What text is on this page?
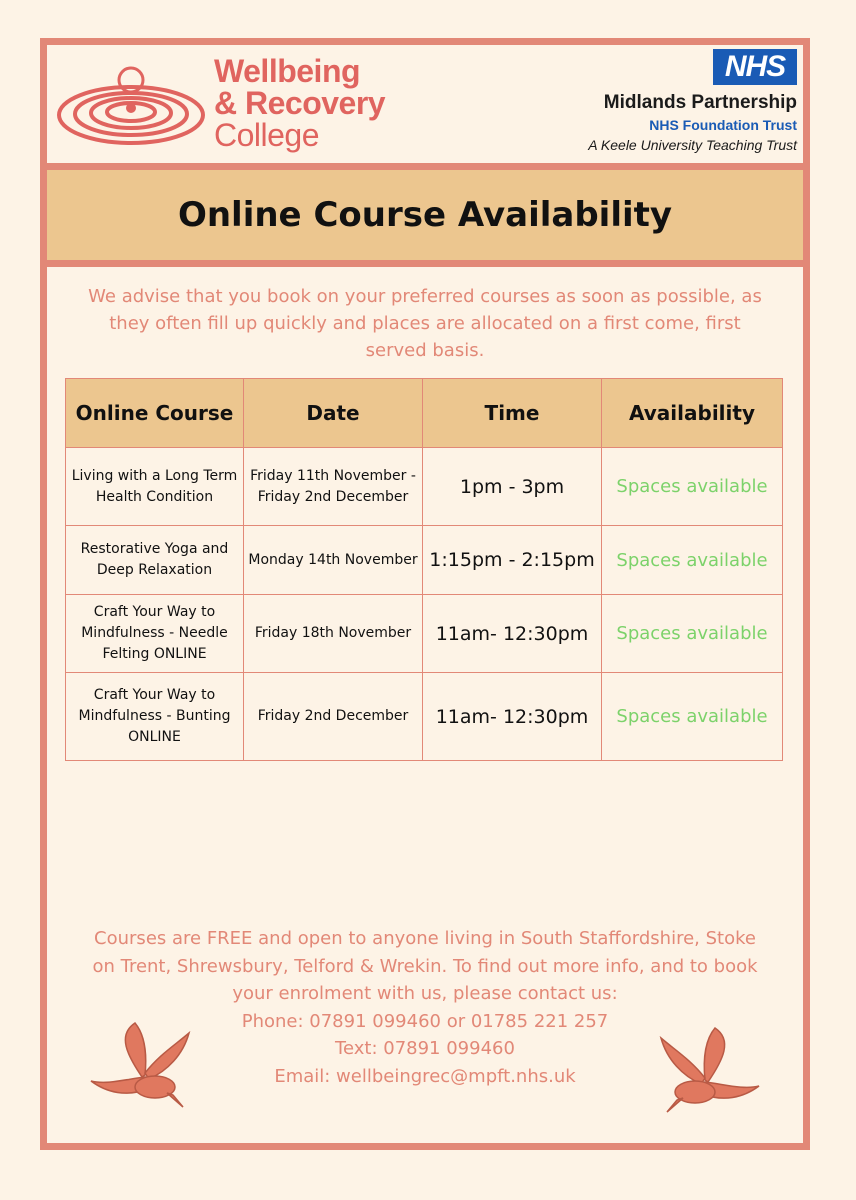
Wellbeing
& Recovery
College
NHS
Midlands Partnership
NHS Foundation Trust
A Keele University Teaching Trust
Online Course Availability
We advise that you book on your preferred courses as soon as possible, as they often fill up quickly and places are allocated on a first come, first served basis.
Online Course	Date	Time	Availability
Living with a Long Term Health Condition	Friday 11th November - Friday 2nd December	1pm - 3pm	Spaces available
Restorative Yoga and Deep Relaxation	Monday 14th November	1:15pm - 2:15pm	Spaces available
Craft Your Way to Mindfulness - Needle Felting ONLINE	Friday 18th November	11am- 12:30pm	Spaces available
Craft Your Way to Mindfulness - Bunting ONLINE	Friday 2nd December	11am- 12:30pm	Spaces available
Courses are FREE and open to anyone living in South Staffordshire, Stoke on Trent, Shrewsbury, Telford & Wrekin. To find out more info, and to book your enrolment with us, please contact us:
Phone: 07891 099460 or 01785 221 257
Text: 07891 099460
Email: wellbeingrec@mpft.nhs.uk
